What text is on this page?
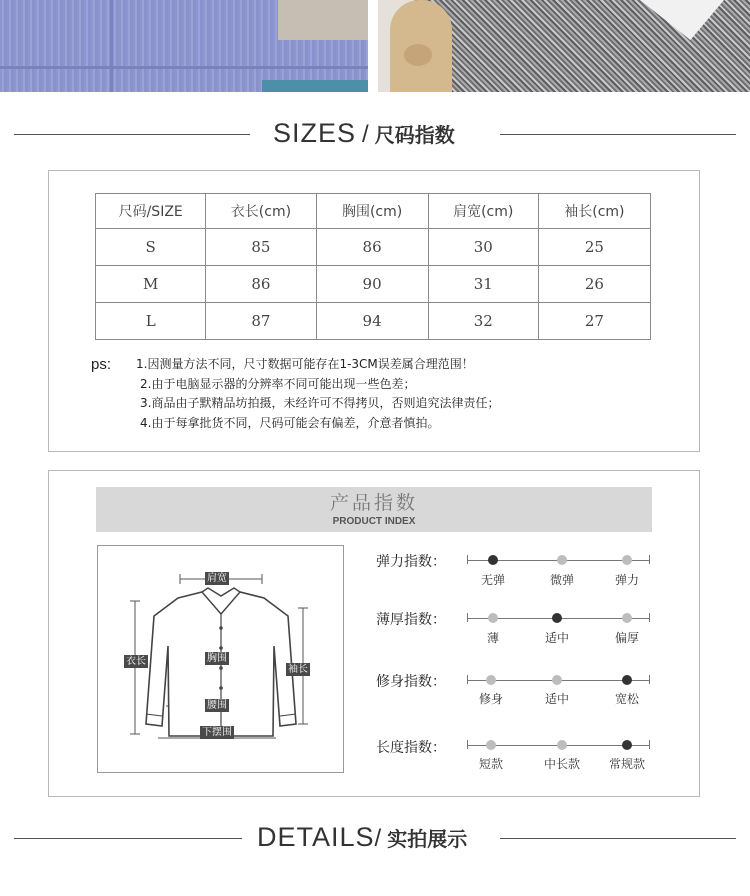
SIZES / 尺码指数
尺码/SIZE	衣长(cm)	胸围(cm)	肩宽(cm)	袖长(cm)
S	85	86	30	25
M	86	90	31	26
L	87	94	32	27
ps: 1.因测量方法不同，尺寸数据可能存在1-3CM误差属合理范围！
2.由于电脑显示器的分辨率不同可能出现一些色差；
3.商品由子默精品坊拍摄，未经许可不得拷贝，否则追究法律责任；
4.由于每拿批货不同，尺码可能会有偏差，介意者慎拍。
产品指数
PRODUCT INDEX
肩宽
衣长	胸围
袖长
腰围
下摆围
弹力指数：
无弹	微弹	弹力
薄厚指数：
薄	适中	偏厚
修身指数：
修身	适中	宽松
长度指数：
短款	中长款	常规款
DETAILS/ 实拍展示
